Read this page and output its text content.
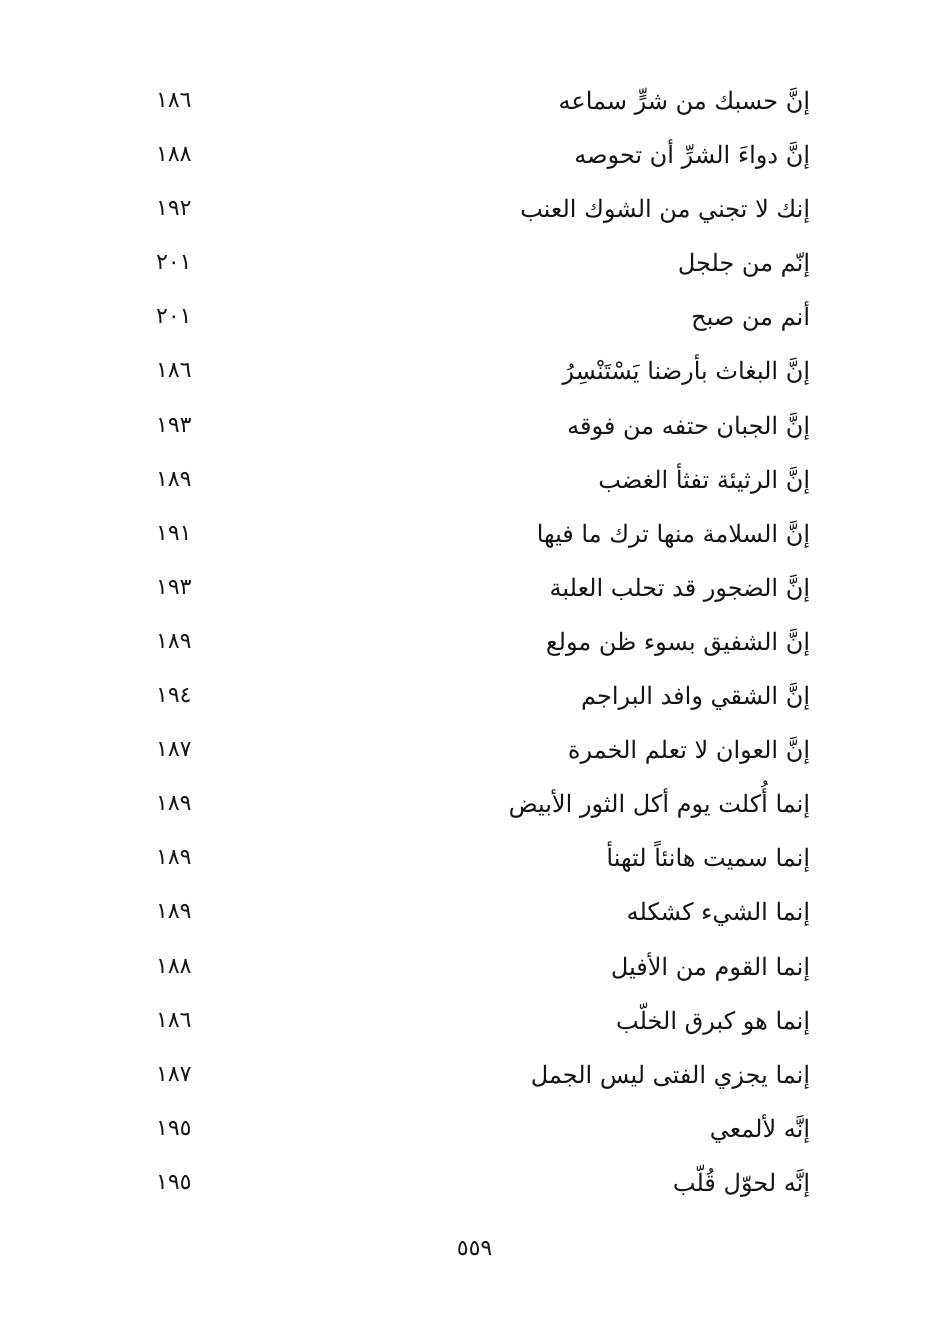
إنَّ حسبك من شرٍّ سماعه
١٨٦
إنَّ دواءَ الشرِّ أن تحوصه
١٨٨
إنك لا تجني من الشوك العنب
١٩٢
إنّم من جلجل
٢٠١
أنم من صبح
٢٠١
إنَّ البغاث بأرضنا يَسْتَنْسِرُ
١٨٦
إنَّ الجبان حتفه من فوقه
١٩٣
إنَّ الرثيئة تفثأ الغضب
١٨٩
إنَّ السلامة منها ترك ما فيها
١٩١
إنَّ الضجور قد تحلب العلبة
١٩٣
إنَّ الشفيق بسوء ظن مولع
١٨٩
إنَّ الشقي وافد البراجم
١٩٤
إنَّ العوان لا تعلم الخمرة
١٨٧
إنما أُكلت يوم أكل الثور الأبيض
١٨٩
إنما سميت هانئاً لتهنأ
١٨٩
إنما الشيء كشكله
١٨٩
إنما القوم من الأفيل
١٨٨
إنما هو كبرق الخلّب
١٨٦
إنما يجزي الفتى ليس الجمل
١٨٧
إنَّه لألمعي
١٩٥
إنَّه لحوّل قُلّب
١٩٥
٥٥٩
